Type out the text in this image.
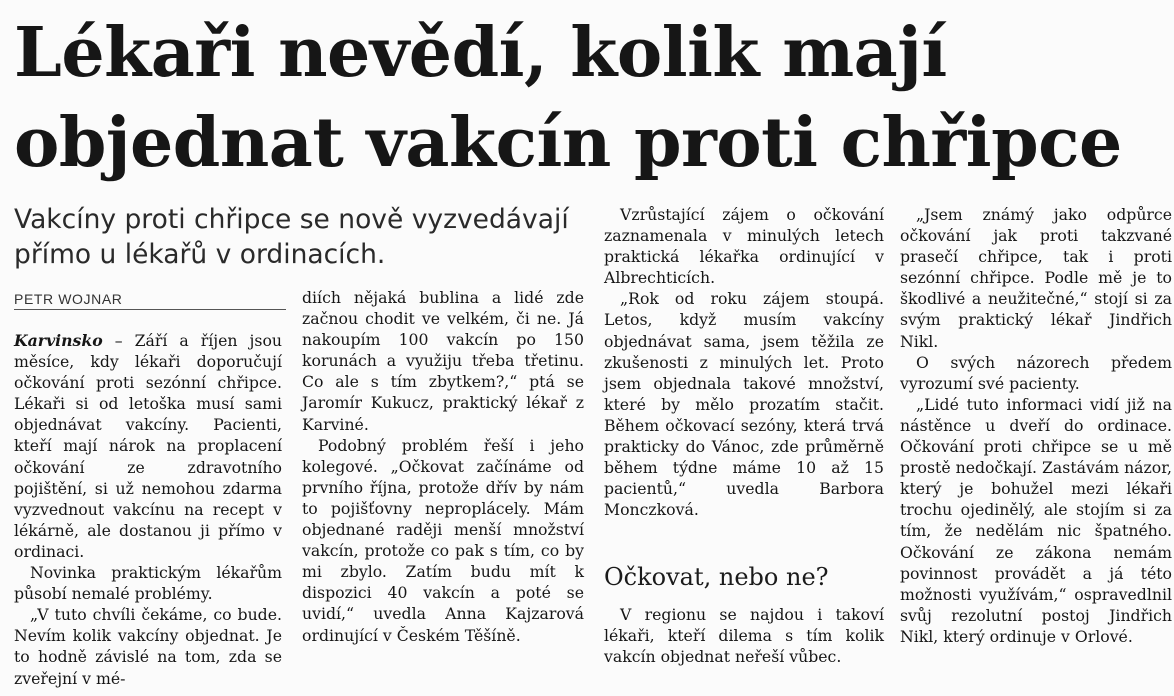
Lékaři nevědí, kolik mají
objednat vakcín proti chřipce
Vakcíny proti chřipce se nově vyzvedávají
přímo u lékařů v ordinacích.
PETR WOJNAR

Karvinsko – Září a říjen jsou měsíce, kdy lékaři doporučují očkování proti sezónní chřipce. Lékaři si od letoška musí sami objednávat vakcíny. Pacienti, kteří mají nárok na proplacení očkování ze zdravotního pojištění, si už nemohou zdarma vyzvednout vakcínu na recept v lékárně, ale dostanou ji přímo v ordinaci.

Novinka praktickým lékařům působí nemalé problémy.

„V tuto chvíli čekáme, co bude. Nevím kolik vakcíny objednat. Je to hodně závislé na tom, zda se zveřejní v mé-

diích nějaká bublina a lidé zde začnou chodit ve velkém, či ne. Já nakoupím 100 vakcín po 150 korunách a využiju třeba třetinu. Co ale s tím zbytkem?,“ ptá se Jaromír Kukucz, praktický lékař z Karviné.

Podobný problém řeší i jeho kolegové. „Očkovat začínáme od prvního října, protože dřív by nám to pojišťovny neproplácely. Mám objednané raději menší množství vakcín, protože co pak s tím, co by mi zbylo. Zatím budu mít k dispozici 40 vakcín a poté se uvidí,“ uvedla Anna Kajzarová ordinující v Českém Těšíně.

Vzrůstající zájem o očkování zaznamenala v minulých letech praktická lékařka ordinující v Albrechticích.

„Rok od roku zájem stoupá. Letos, když musím vakcíny objednávat sama, jsem těžila ze zkušenosti z minulých let. Proto jsem objednala takové množství, které by mělo prozatím stačit. Během očkovací sezóny, která trvá prakticky do Vánoc, zde průměrně během týdne máme 10 až 15 pacientů,“ uvedla Barbora Monczková.

Očkovat, nebo ne?

V regionu se najdou i takoví lékaři, kteří dilema s tím kolik vakcín objednat neřeší vůbec.

„Jsem známý jako odpůrce očkování jak proti takzvané prasečí chřipce, tak i proti sezónní chřipce. Podle mě je to škodlivé a neužitečné,“ stojí si za svým praktický lékař Jindřich Nikl.

O svých názorech předem vyrozumí své pacienty.

„Lidé tuto informaci vidí již na nástěnce u dveří do ordinace. Očkování proti chřipce se u mě prostě nedočkají. Zastávám názor, který je bohužel mezi lékaři trochu ojedinělý, ale stojím si za tím, že nedělám nic špatného. Očkování ze zákona nemám povinnost provádět a já této možnosti využívám,“ ospravedlnil svůj rezolutní postoj Jindřich Nikl, který ordinuje v Orlové.
